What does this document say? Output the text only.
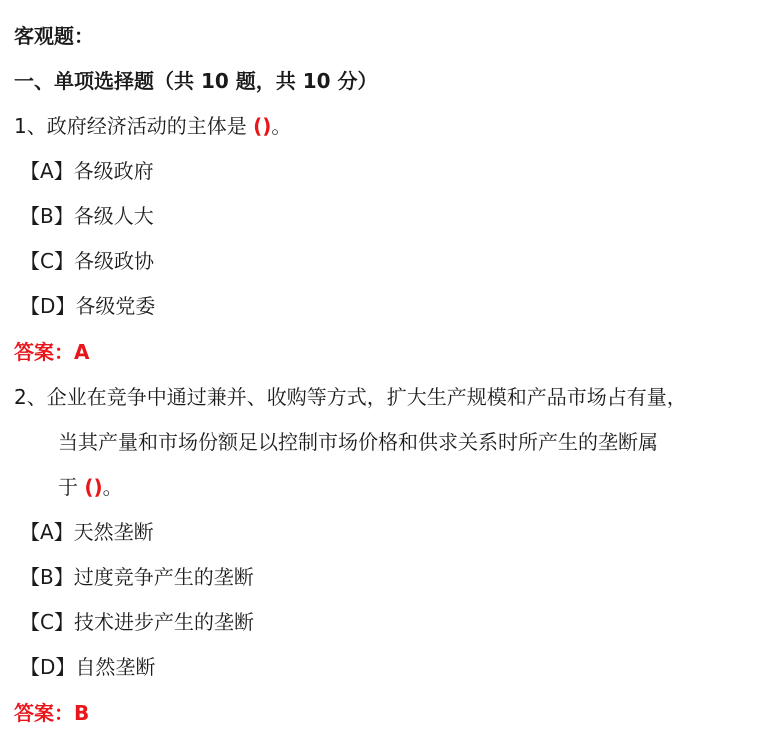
客观题：
一、单项选择题（共 10 题，共 10 分）
1、政府经济活动的主体是 ()。
【A】各级政府
【B】各级人大
【C】各级政协
【D】各级党委
答案：A
2、企业在竞争中通过兼并、收购等方式，扩大生产规模和产品市场占有量，
当其产量和市场份额足以控制市场价格和供求关系时所产生的垄断属
于 ()。
【A】天然垄断
【B】过度竞争产生的垄断
【C】技术进步产生的垄断
【D】自然垄断
答案：B
